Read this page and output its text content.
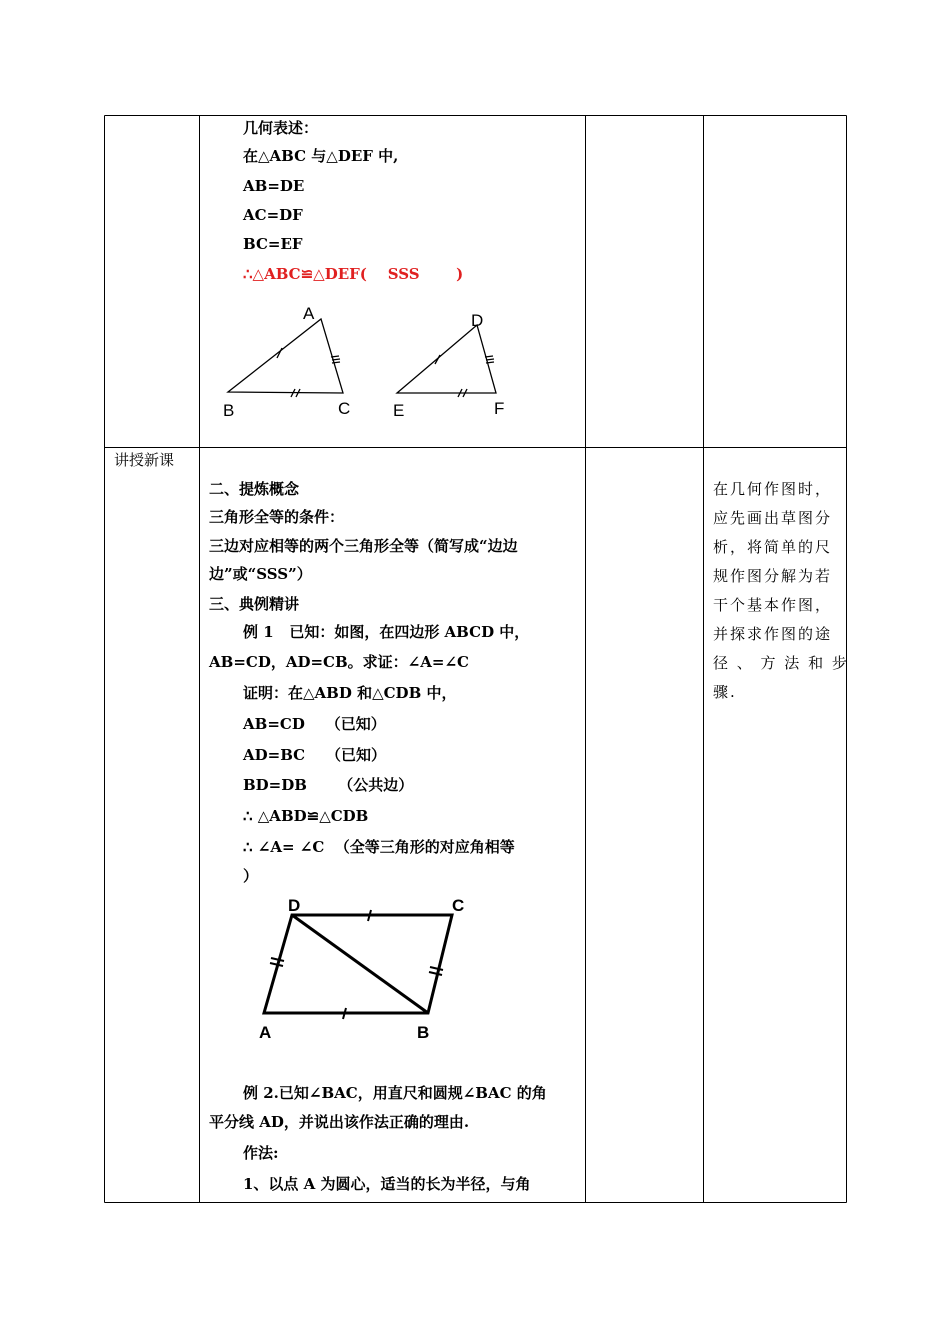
几何表述：
在△ABC 与△DEF 中,
AB=DE
AC=DF
BC=EF
∴△ABC≌△DEF(    SSS       )
A
B	C
D
E	F
讲授新课
二、提炼概念
三角形全等的条件：
三边对应相等的两个三角形全等（简写成“边边
边”或“SSS”）
三、典例精讲
例 1   已知：如图，在四边形 ABCD 中，
AB=CD，AD=CB。求证：∠A=∠C
证明：在△ABD 和△CDB 中，
AB=CD    （已知）
AD=BC    （已知）
BD=DB      （公共边）
∴ △ABD≌△CDB
∴ ∠A= ∠C  （全等三角形的对应角相等
）
D	C
A	B
例 2.已知∠BAC，用直尺和圆规∠BAC 的角
平分线 AD，并说出该作法正确的理由.
作法:
1、以点 A 为圆心，适当的长为半径，与角
在几何作图时，
应先画出草图分
析，将简单的尺
规作图分解为若
干个基本作图，
并探求作图的途
径 、 方 法 和 步
骤.
